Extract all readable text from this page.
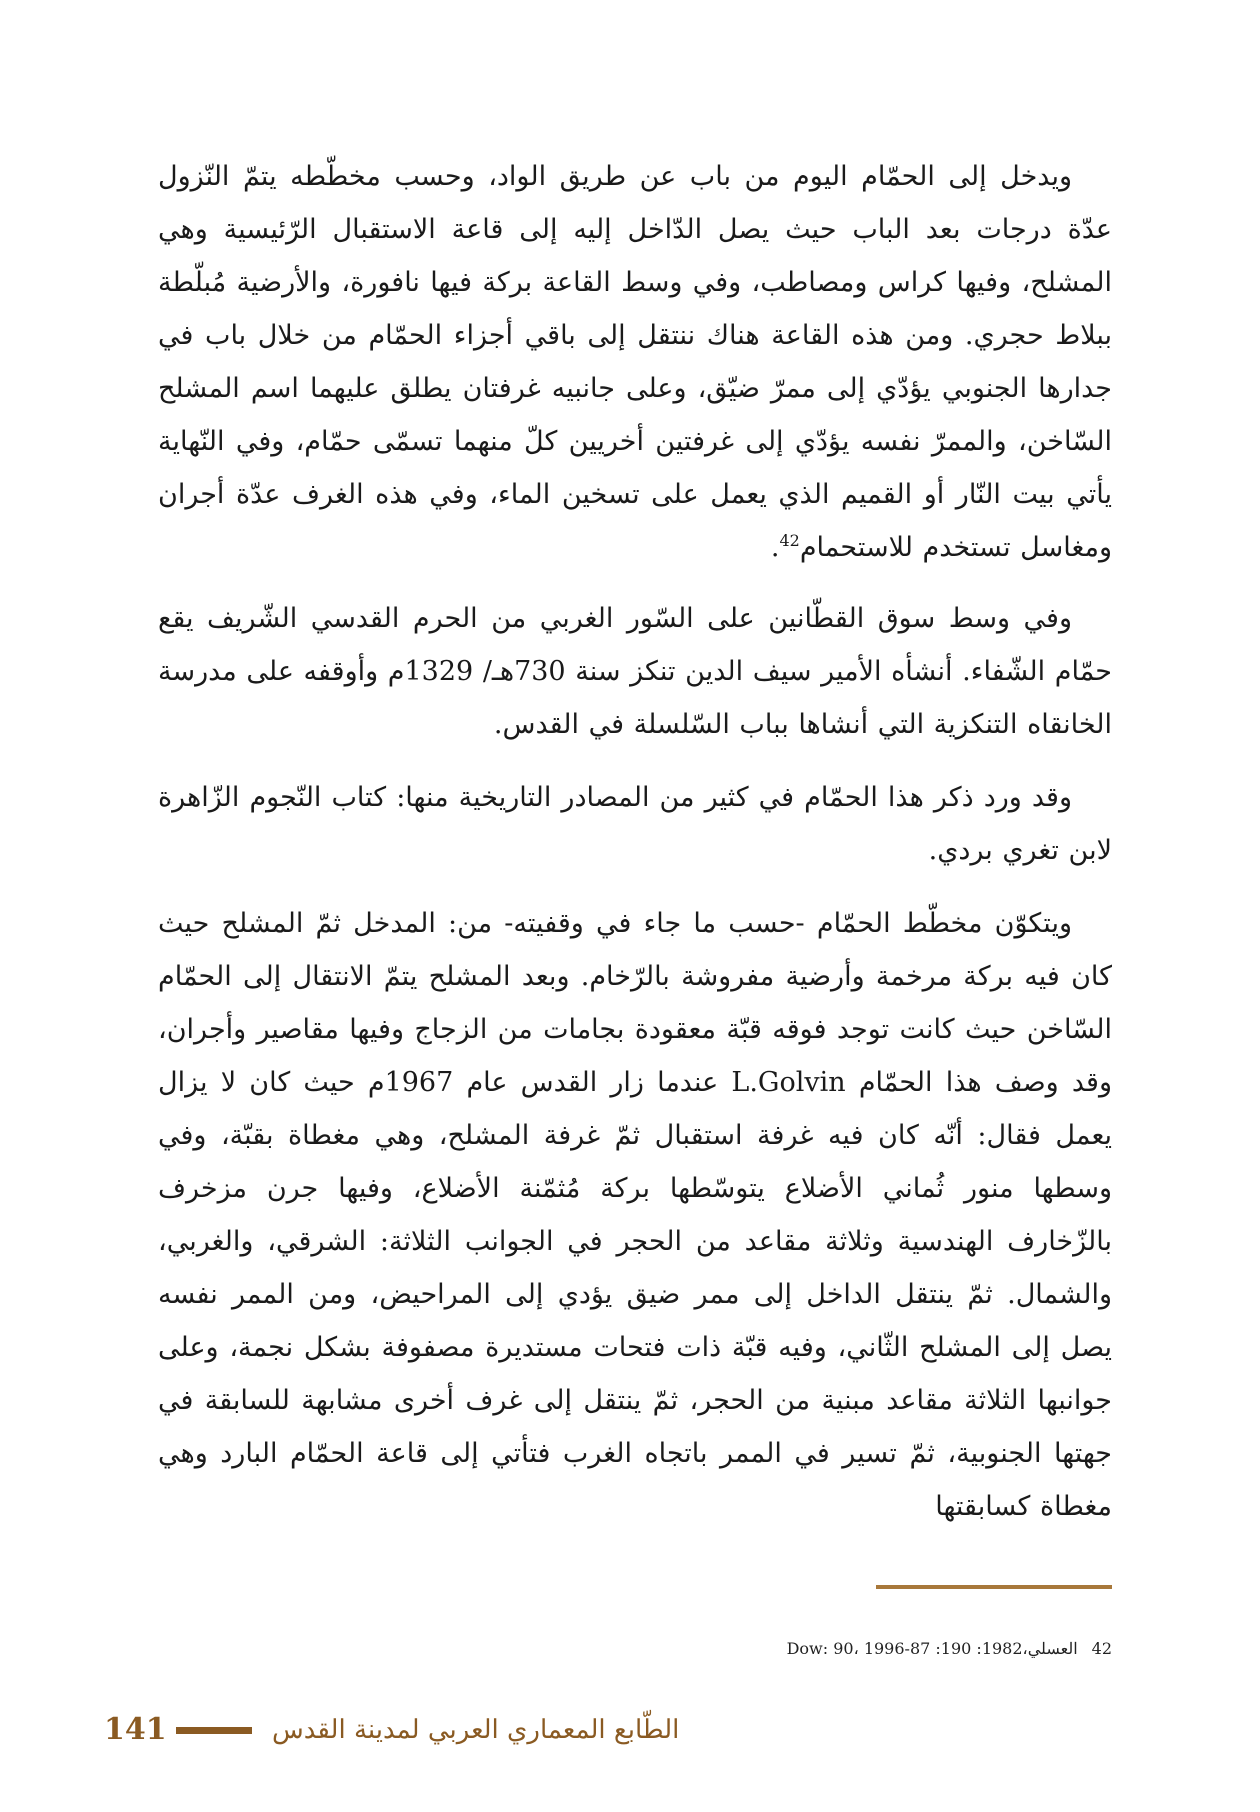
ويدخل إلى الحمّام اليوم من باب عن طريق الواد، وحسب مخطّطه يتمّ النّزول عدّة درجات بعد الباب حيث يصل الدّاخل إليه إلى قاعة الاستقبال الرّئيسية وهي المشلح، وفيها كراس ومصاطب، وفي وسط القاعة بركة فيها نافورة، والأرضية مُبلّطة ببلاط حجري. ومن هذه القاعة هناك ننتقل إلى باقي أجزاء الحمّام من خلال باب في جدارها الجنوبي يؤدّي إلى ممرّ ضيّق، وعلى جانبيه غرفتان يطلق عليهما اسم المشلح السّاخن، والممرّ نفسه يؤدّي إلى غرفتين أخريين كلّ منهما تسمّى حمّام، وفي النّهاية يأتي بيت النّار أو القميم الذي يعمل على تسخين الماء، وفي هذه الغرف عدّة أجران ومغاسل تستخدم للاستحمام$^{42}$.

وفي وسط سوق القطّانين على السّور الغربي من الحرم القدسي الشّريف يقع حمّام الشّفاء. أنشأه الأمير سيف الدين تنكز سنة 730هـ/ 1329م وأوقفه على مدرسة الخانقاه التنكزية التي أنشاها بباب السّلسلة في القدس.

وقد ورد ذكر هذا الحمّام في كثير من المصادر التاريخية منها: كتاب النّجوم الزّاهرة لابن تغري بردي.

ويتكوّن مخطّط الحمّام -حسب ما جاء في وقفيته- من: المدخل ثمّ المشلح حيث كان فيه بركة مرخمة وأرضية مفروشة بالرّخام. وبعد المشلح يتمّ الانتقال إلى الحمّام السّاخن حيث كانت توجد فوقه قبّة معقودة بجامات من الزجاج وفيها مقاصير وأجران، وقد وصف هذا الحمّام L.Golvin عندما زار القدس عام 1967م حيث كان لا يزال يعمل فقال: أنّه كان فيه غرفة استقبال ثمّ غرفة المشلح، وهي مغطاة بقبّة، وفي وسطها منور ثُماني الأضلاع يتوسّطها بركة مُثمّنة الأضلاع، وفيها جرن مزخرف بالزّخارف الهندسية وثلاثة مقاعد من الحجر في الجوانب الثلاثة: الشرقي، والغربي، والشمال. ثمّ ينتقل الداخل إلى ممر ضيق يؤدي إلى المراحيض، ومن الممر نفسه يصل إلى المشلح الثّاني، وفيه قبّة ذات فتحات مستديرة مصفوفة بشكل نجمة، وعلى جوانبها الثلاثة مقاعد مبنية من الحجر، ثمّ ينتقل إلى غرف أخرى مشابهة للسابقة في جهتها الجنوبية، ثمّ تسير في الممر باتجاه الغرب فتأتي إلى قاعة الحمّام البارد وهي مغطاة كسابقتها

42العسلي،1982: 190: 87-1996 ،Dow: 90
141	الطّابع المعماري العربي لمدينة القدس
